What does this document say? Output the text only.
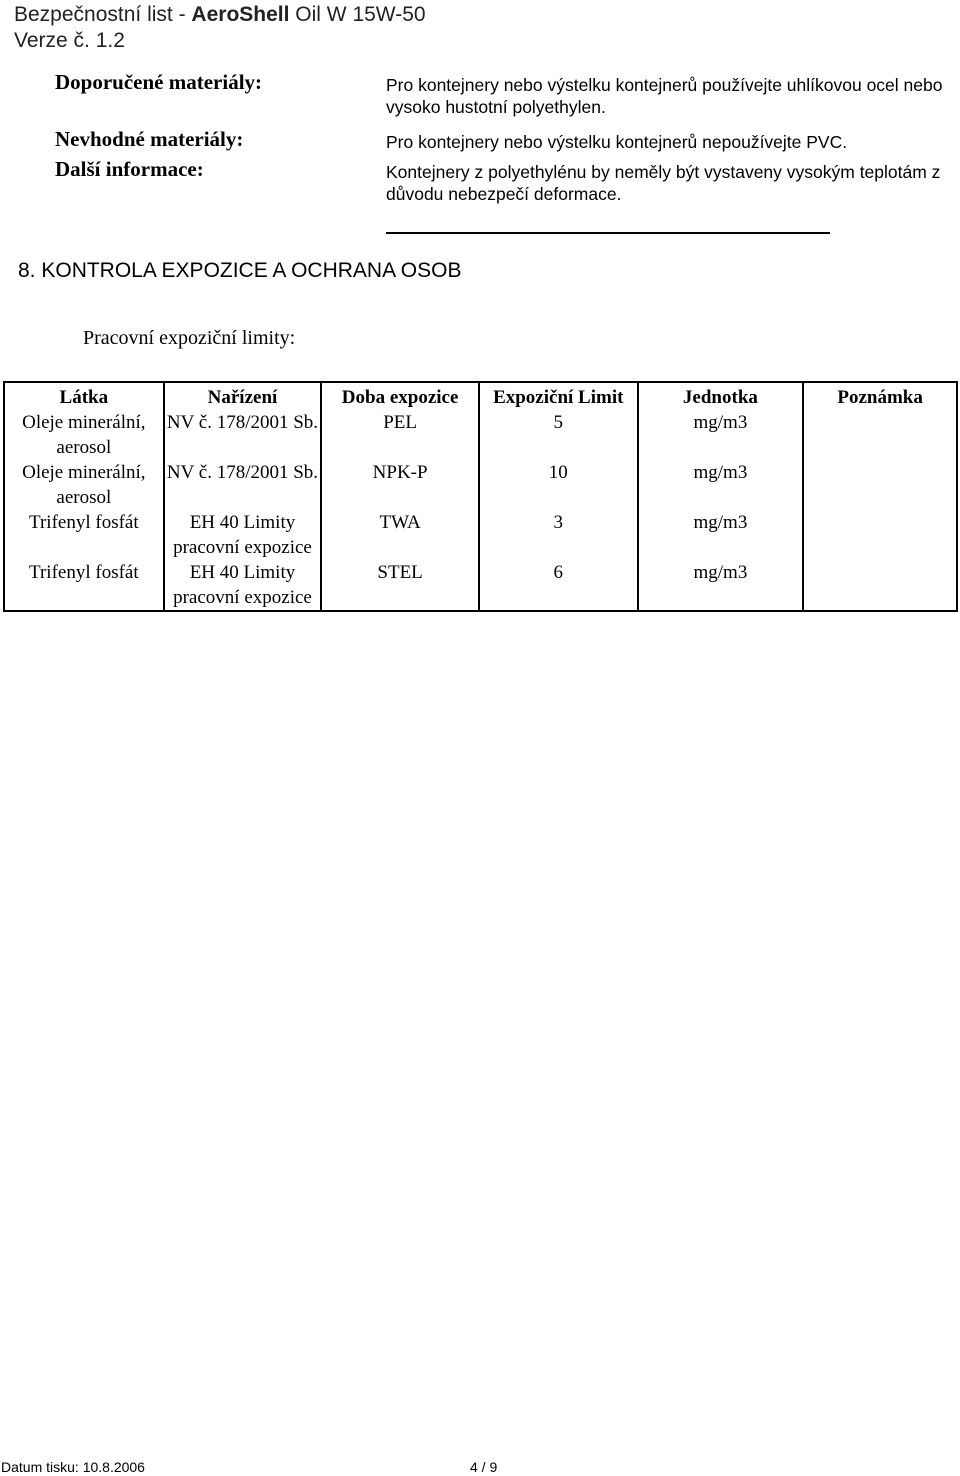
Bezpečnostní list - AeroShell Oil W 15W-50
Verze č. 1.2
Doporučené materiály:	Pro kontejnery nebo výstelku kontejnerů používejte uhlíkovou ocel nebo vysoko hustotní polyethylen.
Nevhodné materiály:	Pro kontejnery nebo výstelku kontejnerů nepoužívejte PVC.
Další informace:	Kontejnery z polyethylénu by neměly být vystaveny vysokým teplotám z důvodu nebezpečí deformace.
8. KONTROLA EXPOZICE A OCHRANA OSOB
Pracovní expoziční limity:
Látka	Nařízení	Doba expozice	Expoziční Limit	Jednotka	Poznámka
Oleje minerální, aerosol	NV č. 178/2001 Sb.	PEL	5	mg/m3	
Oleje minerální, aerosol	NV č. 178/2001 Sb.	NPK-P	10	mg/m3	
Trifenyl fosfát	EH 40 Limity pracovní expozice	TWA	3	mg/m3	
Trifenyl fosfát	EH 40 Limity pracovní expozice	STEL	6	mg/m3	
Datum tisku: 10.8.2006	4 / 9
